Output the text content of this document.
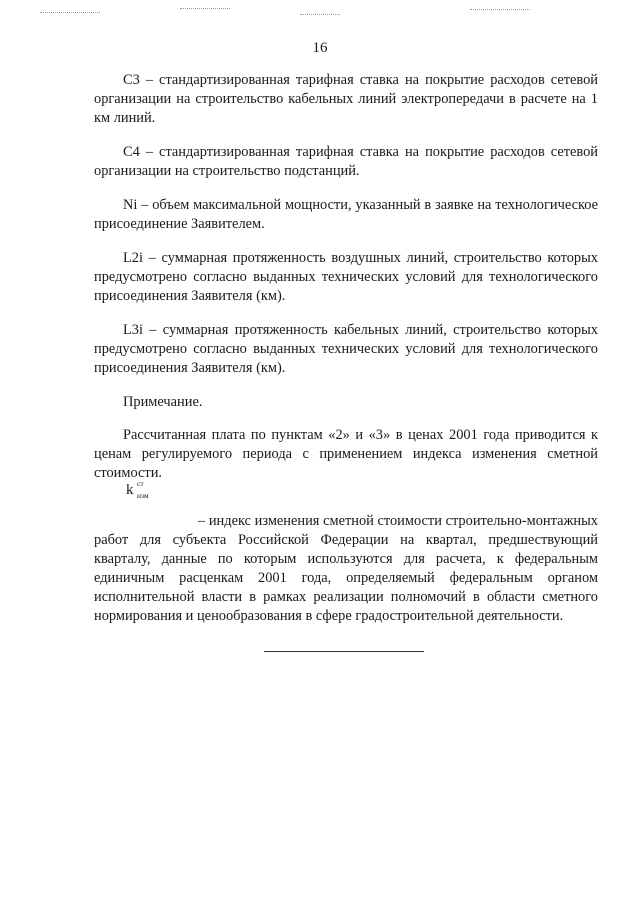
16

С3 – стандартизированная тарифная ставка на покрытие расходов сетевой организации на строительство кабельных линий электропередачи в расчете на 1 км линий.

С4 – стандартизированная тарифная ставка на покрытие расходов сетевой организации на строительство подстанций.

Ni – объем максимальной мощности, указанный в заявке на технологическое присоединение Заявителем.

L2i – суммарная протяженность воздушных линий, строительство которых предусмотрено согласно выданных технических условий для технологического присоединения Заявителя (км).

L3i – суммарная протяженность кабельных линий, строительство которых предусмотрено согласно выданных технических условий для технологического присоединения Заявителя (км).

Примечание.

Рассчитанная плата по пунктам «2» и «3» в ценах 2001 года приводится к ценам регулируемого периода с применением индекса изменения сметной стоимости.

k ст
изм

– индекс изменения сметной стоимости строительно-монтажных работ для субъекта Российской Федерации на квартал, предшествующий кварталу, данные по которым используются для расчета, к федеральным единичным расценкам 2001 года, определяемый федеральным органом исполнительной власти в рамках реализации полномочий в области сметного нормирования и ценообразования в сфере градостроительной деятельности.
